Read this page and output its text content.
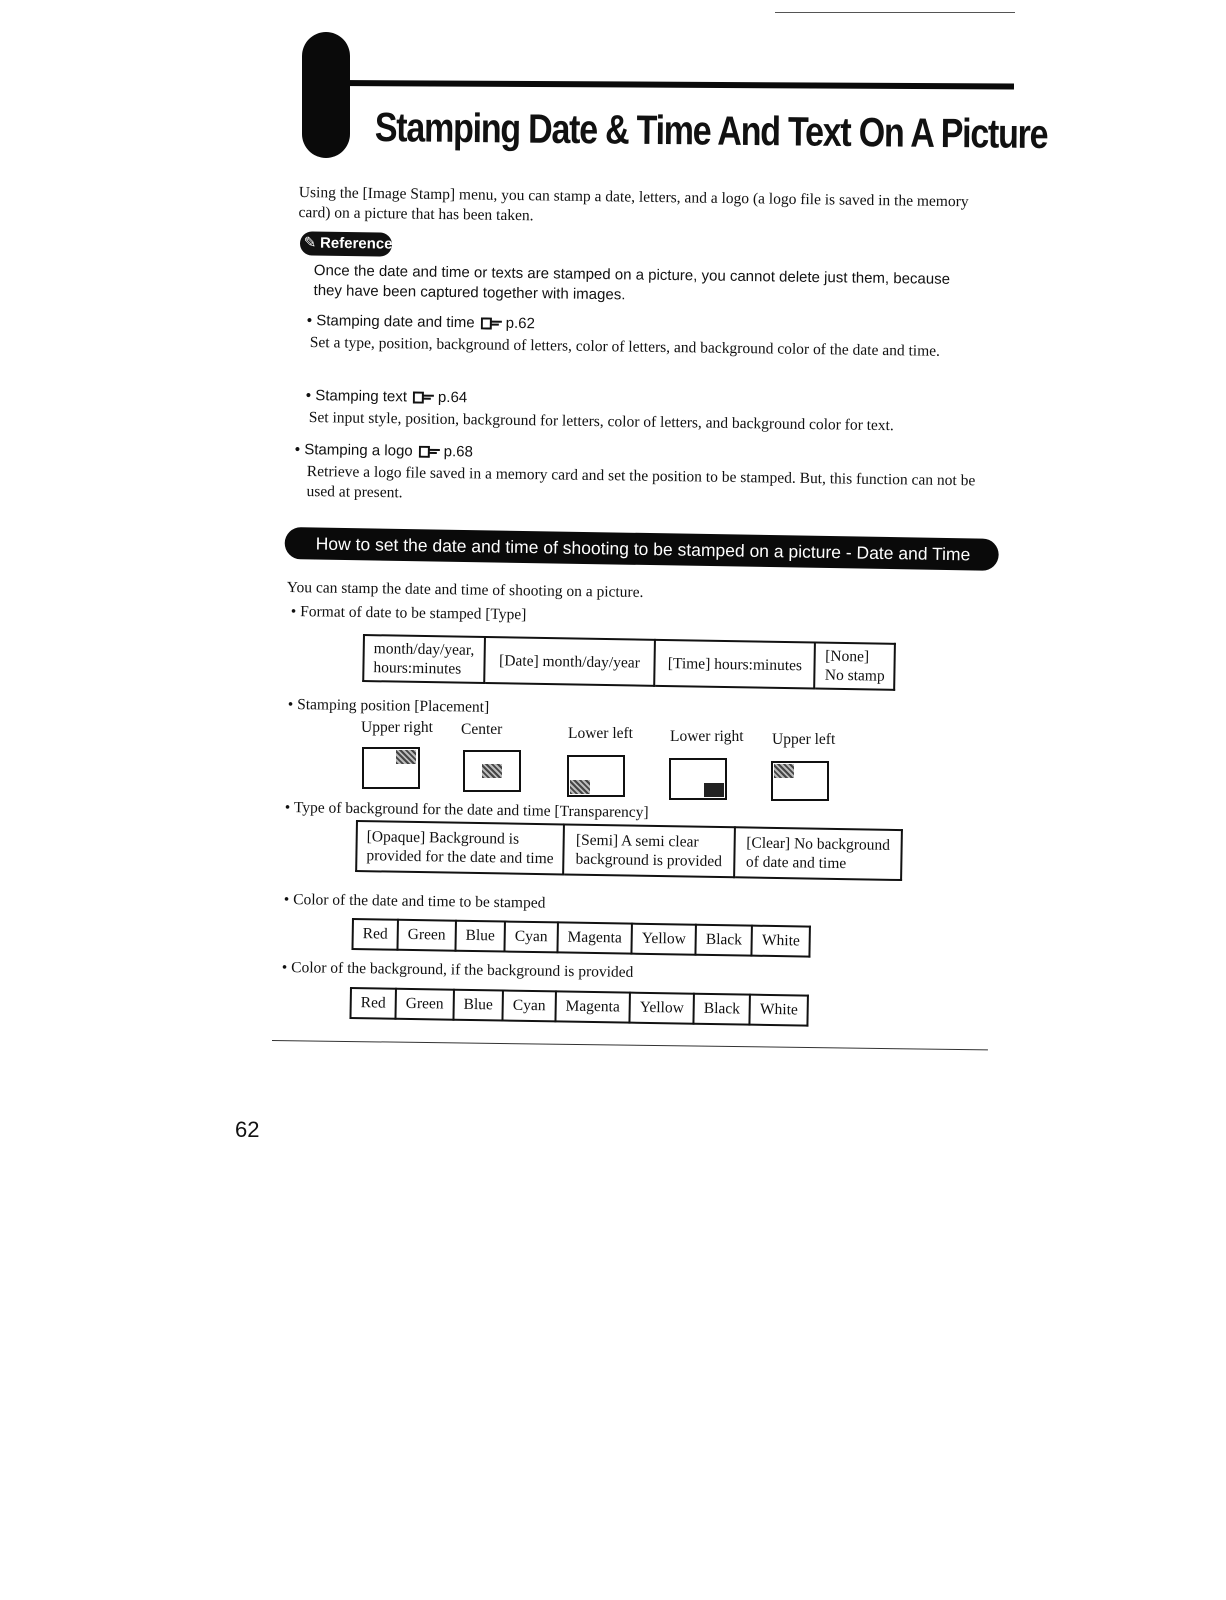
Stamping Date & Time And Text On A Picture
Using the [Image Stamp] menu, you can stamp a date, letters, and a logo (a logo file is saved in the memory card) on a picture that has been taken.
✎ Reference
Once the date and time or texts are stamped on a picture, you cannot delete just them, because they have been captured together with images.
• Stamping date and time p.62
Set a type, position, background of letters, color of letters, and background color of the date and time.
• Stamping text p.64
Set input style, position, background for letters, color of letters, and background color for text.
• Stamping a logo p.68
Retrieve a logo file saved in a memory card and set the position to be stamped. But, this function can not be used at present.
How to set the date and time of shooting to be stamped on a picture - Date and Time
You can stamp the date and time of shooting on a picture.
• Format of date to be stamped [Type]
month/day/year,
hours:minutes	[Date] month/day/year	[Time] hours:minutes	[None]
No stamp
• Stamping position [Placement]
Upper right Center	Lower left Lower right Upper left
• Type of background for the date and time [Transparency]
[Opaque] Background is
provided for the date and time

[Semi] A semi clear
background is provided

[Clear] No background
of date and time
• Color of the date and time to be stamped
Red	Green	Blue	Cyan	Magenta	Yellow	Black	White
• Color of the background, if the background is provided
Red	Green	Blue	Cyan	Magenta	Yellow	Black	White
62
